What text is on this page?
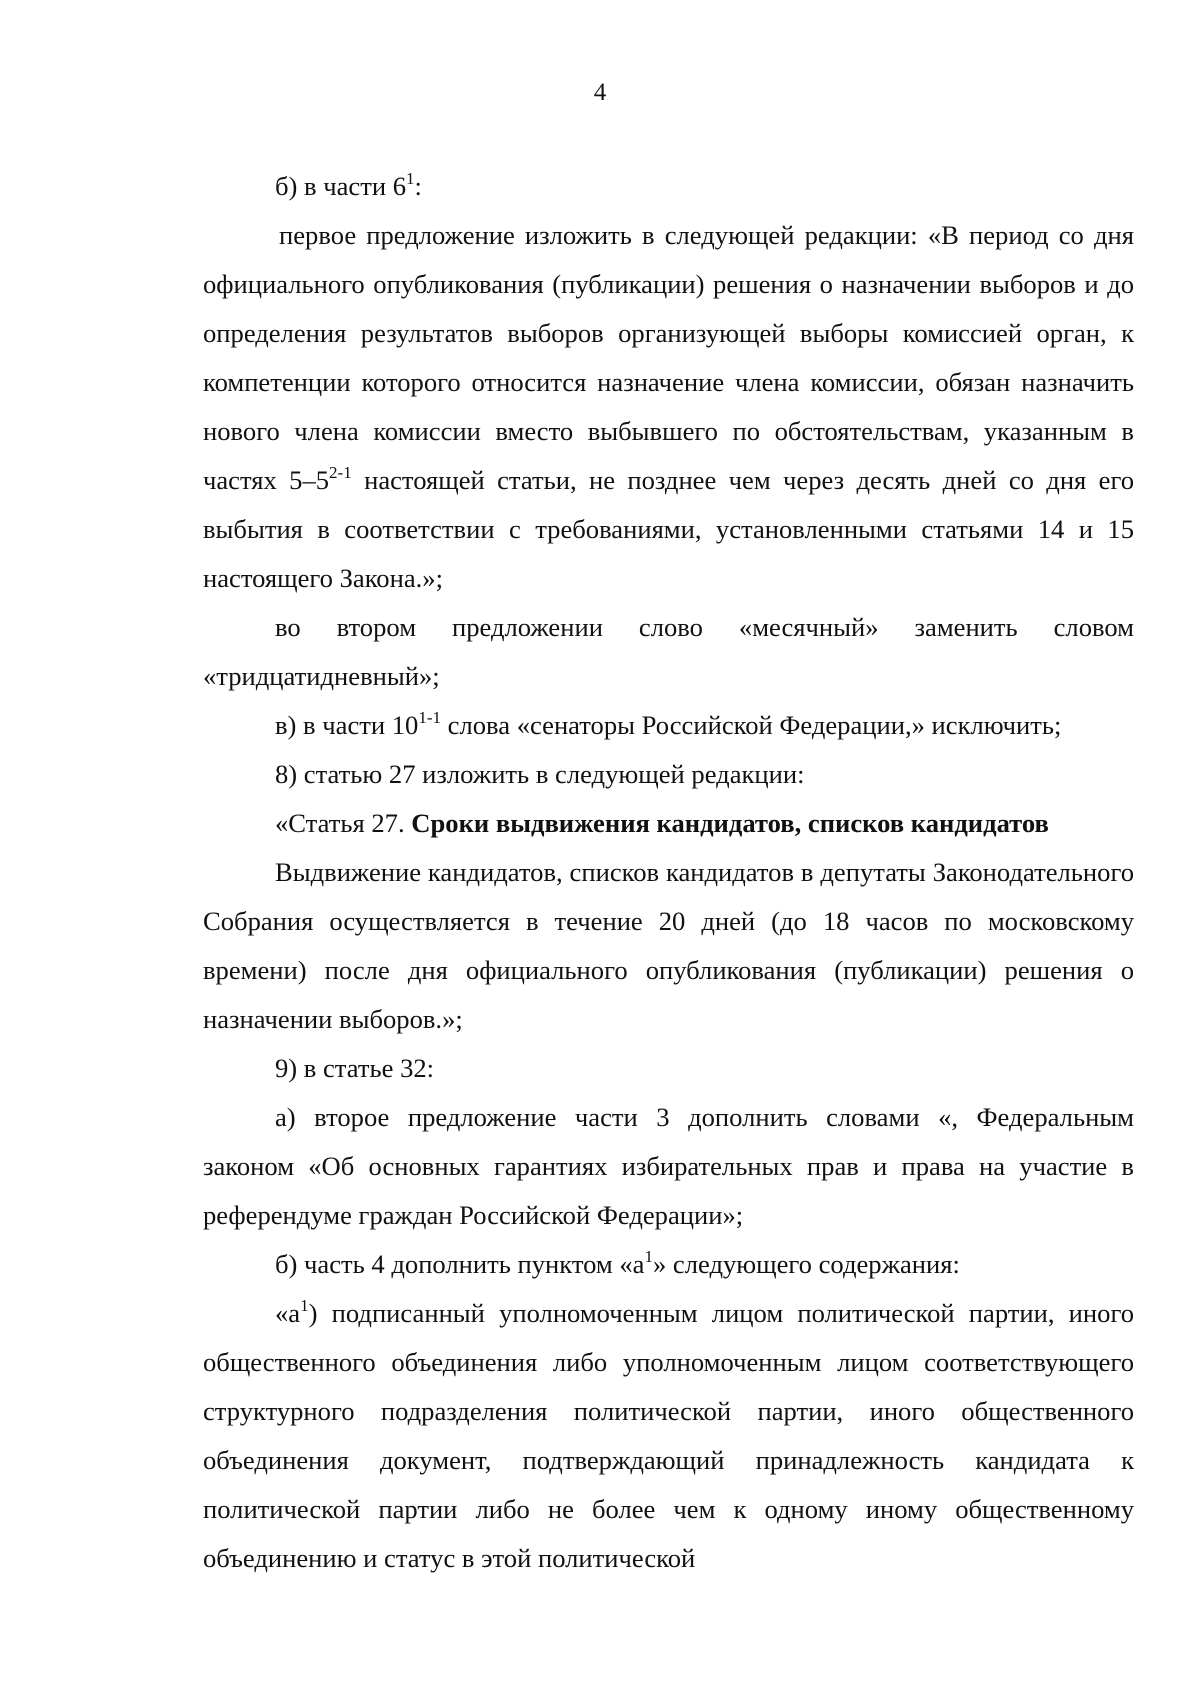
4

б) в части $6^1$:

первое предложение изложить в следующей редакции: «В период со дня официального опубликования (публикации) решения о назначении выборов и до определения результатов выборов организующей выборы комиссией орган, к компетенции которого относится назначение члена комиссии, обязан назначить нового члена комиссии вместо выбывшего по обстоятельствам, указанным в частях 5–5$^{2-1}$ настоящей статьи, не позднее чем через десять дней со дня его выбытия в соответствии с требованиями, установленными статьями 14 и 15 настоящего Закона.»;

во втором предложении слово «месячный» заменить словом «тридцатидневный»;

в) в части 10$^{1-1}$ слова «сенаторы Российской Федерации,» исключить;

8) статью 27 изложить в следующей редакции:

«Статья 27. Сроки выдвижения кандидатов, списков кандидатов

Выдвижение кандидатов, списков кандидатов в депутаты Законодательного Собрания осуществляется в течение 20 дней (до 18 часов по московскому времени) после дня официального опубликования (публикации) решения о назначении выборов.»;

9) в статье 32:

а) второе предложение части 3 дополнить словами «, Федеральным законом «Об основных гарантиях избирательных прав и права на участие в референдуме граждан Российской Федерации»;

б) часть 4 дополнить пунктом «$а^1$» следующего содержания:

«$а^1$) подписанный уполномоченным лицом политической партии, иного общественного объединения либо уполномоченным лицом соответствующего структурного подразделения политической партии, иного общественного объединения документ, подтверждающий принадлежность кандидата к политической партии либо не более чем к одному иному общественному объединению и статус в этой политической
